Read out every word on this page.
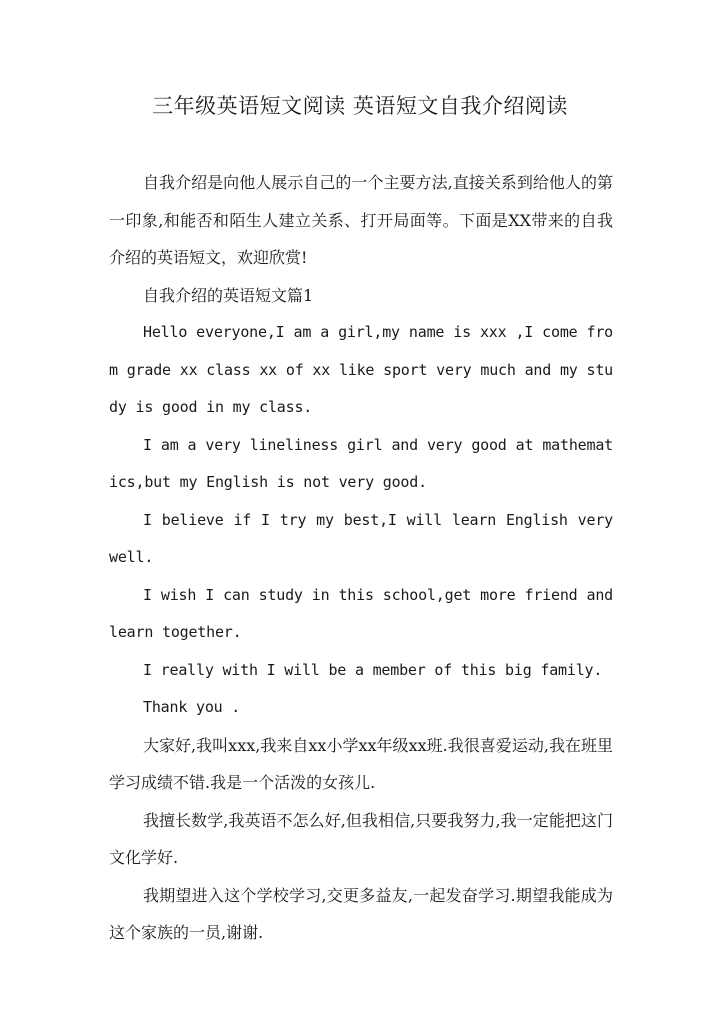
三年级英语短文阅读 英语短文自我介绍阅读

自我介绍是向他人展示自己的一个主要方法,直接关系到给他人的第一印象,和能否和陌生人建立关系、打开局面等。下面是XX带来的自我介绍的英语短文，欢迎欣赏!

自我介绍的英语短文篇1

Hello everyone,I am a girl,my name is xxx ,I come from grade xx class xx of xx like sport very much and my study is good in my class.

I am a very lineliness girl and very good at mathematics,but my English is not very good.

I believe if I try my best,I will learn English very well.

I wish I can study in this school,get more friend and learn together.

I really with I will be a member of this big family.

Thank you .

大家好,我叫xxx,我来自xx小学xx年级xx班.我很喜爱运动,我在班里学习成绩不错.我是一个活泼的女孩儿.

我擅长数学,我英语不怎么好,但我相信,只要我努力,我一定能把这门文化学好.

我期望进入这个学校学习,交更多益友,一起发奋学习.期望我能成为这个家族的一员,谢谢.
